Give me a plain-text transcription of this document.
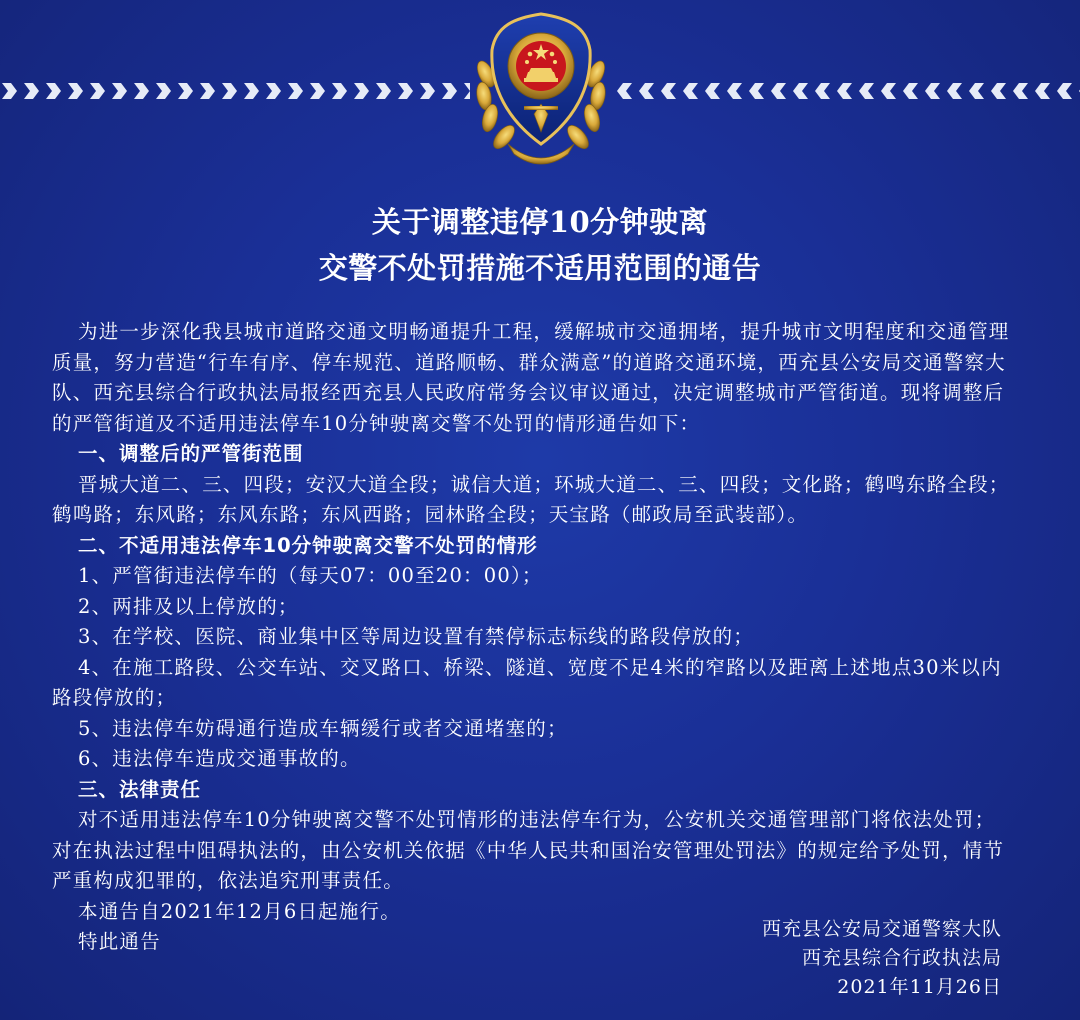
关于调整违停10分钟驶离
交警不处罚措施不适用范围的通告

为进一步深化我县城市道路交通文明畅通提升工程，缓解城市交通拥堵，提升城市文明程度和交通管理质量，努力营造“行车有序、停车规范、道路顺畅、群众满意”的道路交通环境，西充县公安局交通警察大队、西充县综合行政执法局报经西充县人民政府常务会议审议通过，决定调整城市严管街道。现将调整后的严管街道及不适用违法停车10分钟驶离交警不处罚的情形通告如下：

一、调整后的严管街范围

晋城大道二、三、四段；安汉大道全段；诚信大道；环城大道二、三、四段；文化路；鹤鸣东路全段；鹤鸣路；东风路；东风东路；东风西路；园林路全段；天宝路（邮政局至武装部）。

二、不适用违法停车10分钟驶离交警不处罚的情形

1、严管街违法停车的（每天07：00至20：00）；

2、两排及以上停放的；

3、在学校、医院、商业集中区等周边设置有禁停标志标线的路段停放的；

4、在施工路段、公交车站、交叉路口、桥梁、隧道、宽度不足4米的窄路以及距离上述地点30米以内路段停放的；

5、违法停车妨碍通行造成车辆缓行或者交通堵塞的；

6、违法停车造成交通事故的。

三、法律责任

对不适用违法停车10分钟驶离交警不处罚情形的违法停车行为，公安机关交通管理部门将依法处罚；对在执法过程中阻碍执法的，由公安机关依据《中华人民共和国治安管理处罚法》的规定给予处罚，情节严重构成犯罪的，依法追究刑事责任。

本通告自2021年12月6日起施行。

特此通告

西充县公安局交通警察大队
西充县综合行政执法局
2021年11月26日
